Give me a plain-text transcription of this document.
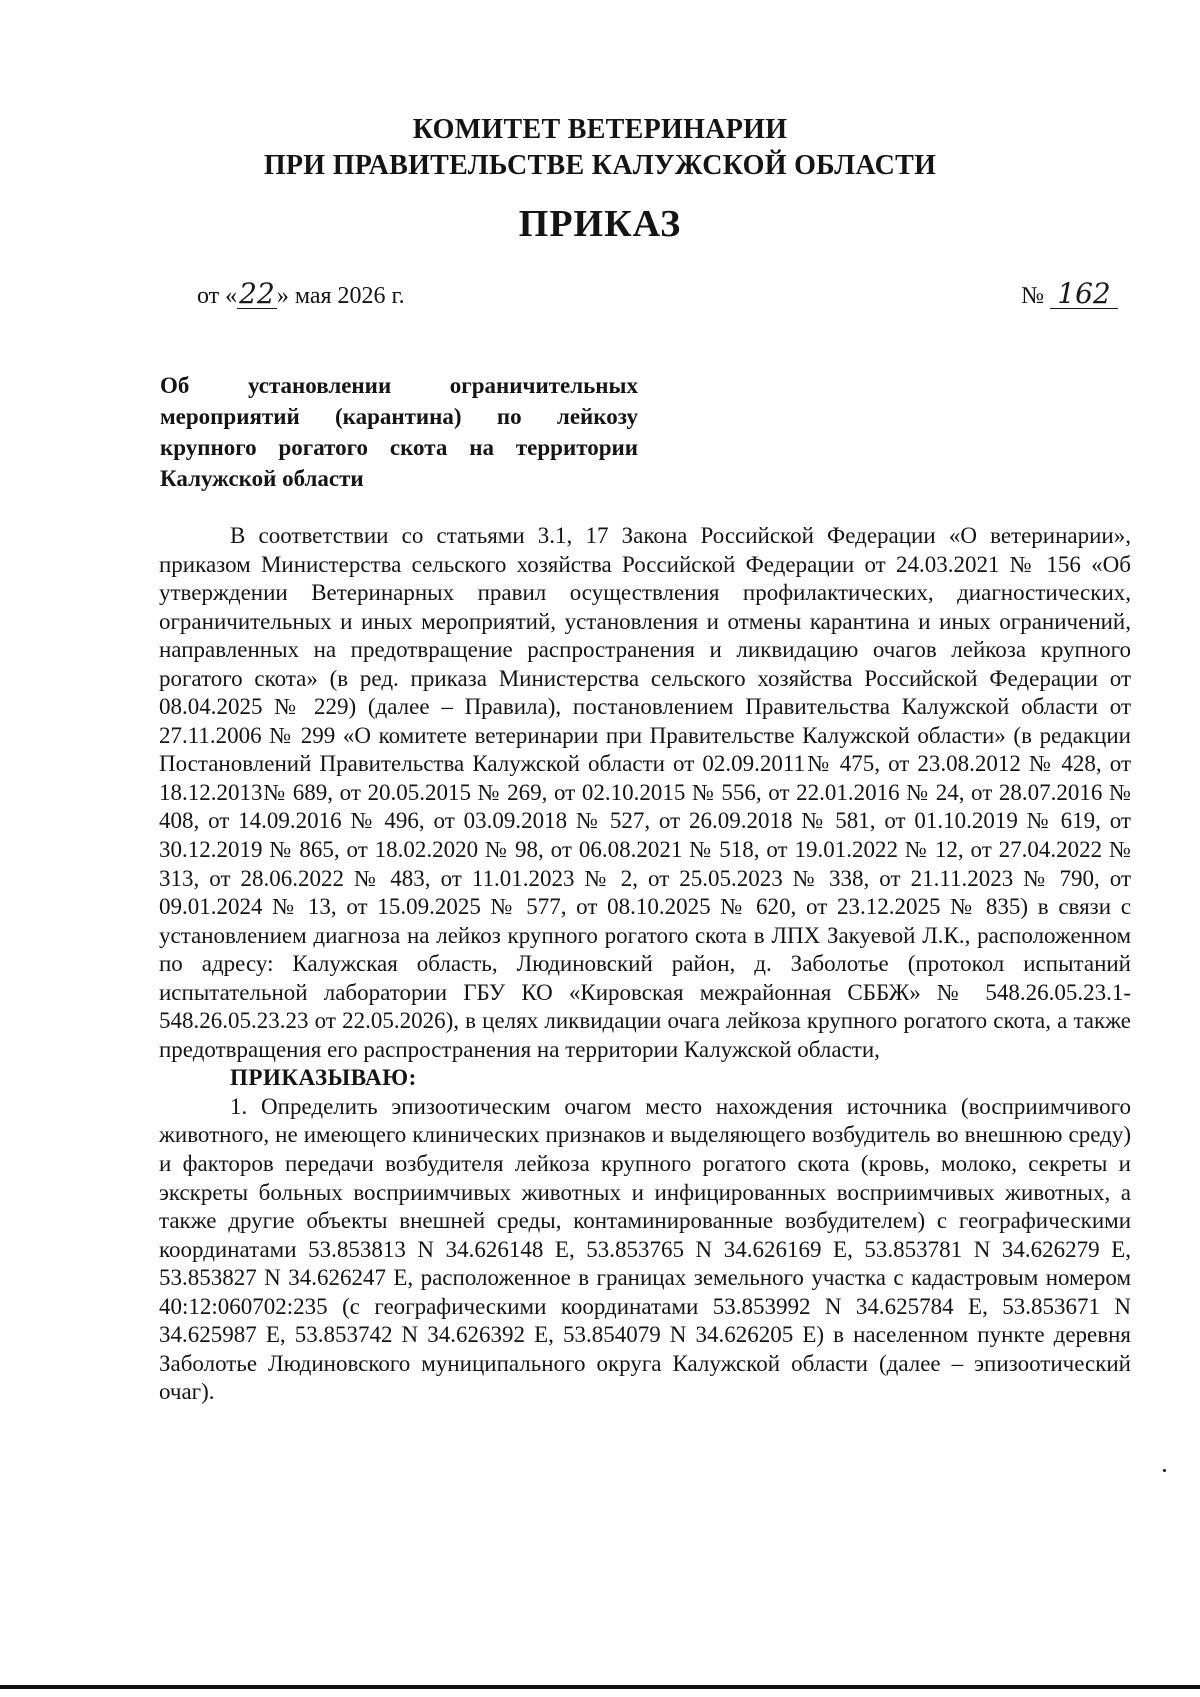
КОМИТЕТ ВЕТЕРИНАРИИ
ПРИ ПРАВИТЕЛЬСТВЕ КАЛУЖСКОЙ ОБЛАСТИ
ПРИКАЗ
от «22» мая 2026 г.	№ 162
Об установлении ограничительных мероприятий (карантина) по лейкозу крупного рогатого скота на территории Калужской области

В соответствии со статьями 3.1, 17 Закона Российской Федерации «О ветеринарии», приказом Министерства сельского хозяйства Российской Федерации от 24.03.2021 № 156 «Об утверждении Ветеринарных правил осуществления профилактических, диагностических, ограничительных и иных мероприятий, установления и отмены карантина и иных ограничений, направленных на предотвращение распространения и ликвидацию очагов лейкоза крупного рогатого скота» (в ред. приказа Министерства сельского хозяйства Российской Федерации от 08.04.2025 № 229) (далее – Правила), постановлением Правительства Калужской области от 27.11.2006 № 299 «О комитете ветеринарии при Правительстве Калужской области» (в редакции Постановлений Правительства Калужской области от 02.09.2011№ 475, от 23.08.2012 № 428, от 18.12.2013№ 689, от 20.05.2015 № 269, от 02.10.2015 № 556, от 22.01.2016 № 24, от 28.07.2016 № 408, от 14.09.2016 № 496, от 03.09.2018 № 527, от 26.09.2018 № 581, от 01.10.2019 № 619, от 30.12.2019 № 865, от 18.02.2020 № 98, от 06.08.2021 № 518, от 19.01.2022 № 12, от 27.04.2022 № 313, от 28.06.2022 № 483, от 11.01.2023 № 2, от 25.05.2023 № 338, от 21.11.2023 № 790, от 09.01.2024 № 13, от 15.09.2025 № 577, от 08.10.2025 № 620, от 23.12.2025 № 835) в связи с установлением диагноза на лейкоз крупного рогатого скота в ЛПХ Закуевой Л.К., расположенном по адресу: Калужская область, Людиновский район, д. Заболотье (протокол испытаний испытательной лаборатории ГБУ КО «Кировская межрайонная СББЖ» № 548.26.05.23.1-548.26.05.23.23 от 22.05.2026), в целях ликвидации очага лейкоза крупного рогатого скота, а также предотвращения его распространения на территории Калужской области,

ПРИКАЗЫВАЮ:

1. Определить эпизоотическим очагом место нахождения источника (восприимчивого животного, не имеющего клинических признаков и выделяющего возбудитель во внешнюю среду) и факторов передачи возбудителя лейкоза крупного рогатого скота (кровь, молоко, секреты и экскреты больных восприимчивых животных и инфицированных восприимчивых животных, а также другие объекты внешней среды, контаминированные возбудителем) с географическими координатами 53.853813 N 34.626148 E, 53.853765 N 34.626169 E, 53.853781 N 34.626279 E, 53.853827 N 34.626247 E, расположенное в границах земельного участка с кадастровым номером 40:12:060702:235 (с географическими координатами 53.853992 N 34.625784 E, 53.853671 N 34.625987 E, 53.853742 N 34.626392 E, 53.854079 N 34.626205 E) в населенном пункте деревня Заболотье Людиновского муниципального округа Калужской области (далее – эпизоотический очаг).
